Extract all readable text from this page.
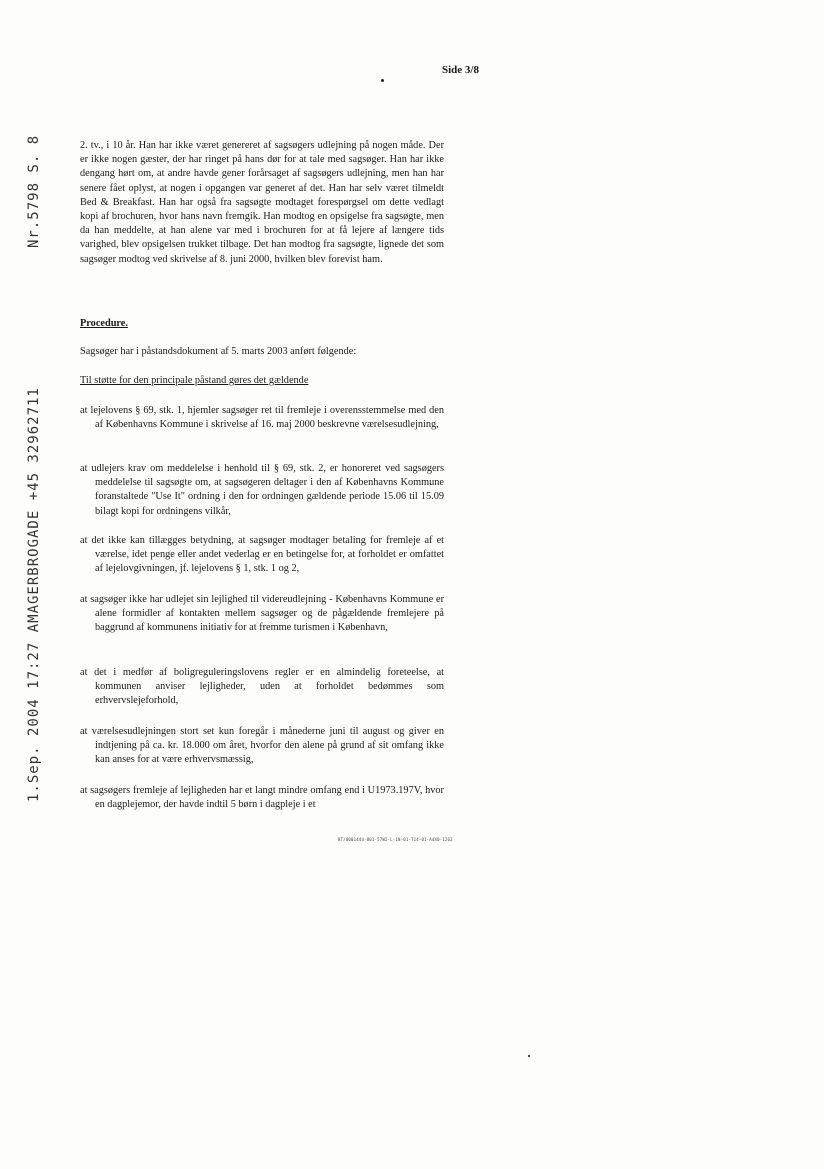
Side 3/8
Nr.5798 S. 8
1.Sep. 2004 17:27 AMAGERBROGADE +45 32962711
2. tv., i 10 år. Han har ikke været genereret af sagsøgers udlejning på nogen måde. Der er ikke nogen gæster, der har ringet på hans dør for at tale med sagsøger. Han har ikke dengang hørt om, at andre havde gener forårsaget af sagsøgers udlejning, men han har senere fået oplyst, at nogen i opgangen var generet af det. Han har selv været tilmeldt Bed & Breakfast. Han har også fra sagsøgte modtaget forespørgsel om dette vedlagt kopi af brochuren, hvor hans navn fremgik. Han modtog en opsigelse fra sagsøgte, men da han meddelte, at han alene var med i brochuren for at få lejere af længere tids varighed, blev opsigelsen trukket tilbage. Det han modtog fra sagsøgte, lignede det som sagsøger modtog ved skrivelse af 8. juni 2000, hvilken blev forevist ham.
Procedure.
Sagsøger har i påstandsdokument af 5. marts 2003 anført følgende:
Til støtte for den principale påstand gøres det gældende
at lejelovens § 69, stk. 1, hjemler sagsøger ret til fremleje i overensstemmelse med den af Københavns Kommune i skrivelse af 16. maj 2000 beskrevne værelsesudlejning,
at udlejers krav om meddelelse i henhold til § 69, stk. 2, er honoreret ved sagsøgers meddelelse til sagsøgte om, at sagsøgeren deltager i den af Københavns Kommune foranstaltede "Use It" ordning i den for ordningen gældende periode 15.06 til 15.09 bilagt kopi for ordningens vilkår,
at det ikke kan tillægges betydning, at sagsøger modtager betaling for fremleje af et værelse, idet penge eller andet vederlag er en betingelse for, at forholdet er omfattet af lejelovgivningen, jf. lejelovens § 1, stk. 1 og 2,
at sagsøger ikke har udlejet sin lejlighed til videreudlejning - Københavns Kommune er alene formidler af kontakten mellem sagsøger og de pågældende fremlejere på baggrund af kommunens initiativ for at fremme turismen i København,
at det i medfør af boligreguleringslovens regler er en almindelig foreteelse, at kommunen anviser lejligheder, uden at forholdet bedømmes som erhvervslejeforhold,
at værelsesudlejningen stort set kun foregår i månederne juni til august og giver en indtjening på ca. kr. 18.000 om året, hvorfor den alene på grund af sit omfang ikke kan anses for at være erhvervsmæssig,
at sagsøgers fremleje af lejligheden har et langt mindre omfang end i U1973.197V, hvor en dagplejemor, der havde indtil 5 børn i dagpleje i et
BT/0001444-001-57W2-L-1N-01-T14-01-A4X0-1262
